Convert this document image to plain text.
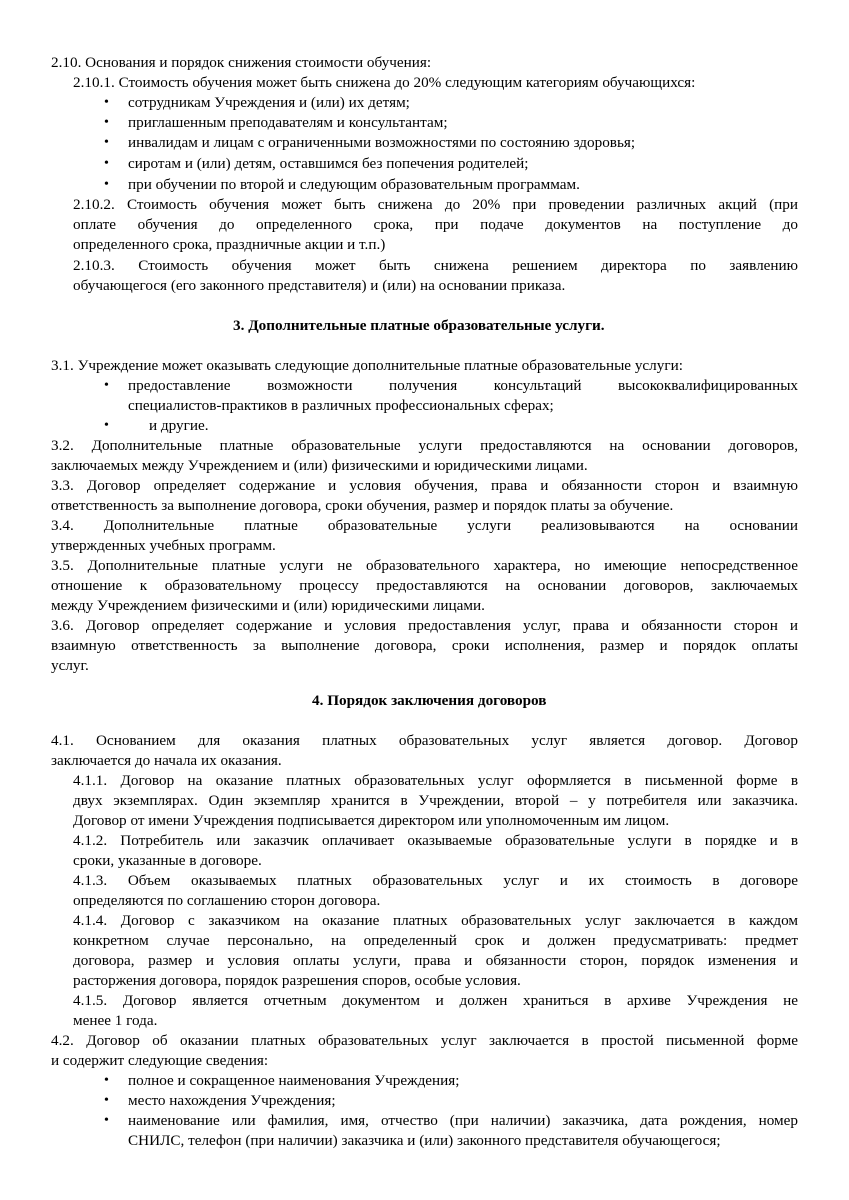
2.10. Основания и порядок снижения стоимости обучения:
2.10.1. Стоимость обучения может быть снижена до 20% следующим категориям обучающихся:
• сотрудникам Учреждения и (или) их детям;
• приглашенным преподавателям и консультантам;
• инвалидам и лицам с ограниченными возможностями по состоянию здоровья;
• сиротам и (или) детям, оставшимся без попечения родителей;
• при обучении по второй и следующим образовательным программам.
2.10.2. Стоимость обучения может быть снижена до 20% при проведении различных акций (при
оплате обучения до определенного срока, при подаче документов на поступление до
определенного срока, праздничные акции и т.п.)
2.10.3. Стоимость обучения может быть снижена решением директора по заявлению
обучающегося (его законного представителя) и (или) на основании приказа.
3. Дополнительные платные образовательные услуги.
3.1. Учреждение может оказывать следующие дополнительные платные образовательные услуги:
• предоставление возможности получения консультаций высококвалифицированных
специалистов-практиков в различных профессиональных сферах;
•	и другие.
3.2. Дополнительные платные образовательные услуги предоставляются на основании договоров,
заключаемых между Учреждением и (или) физическими и юридическими лицами.
3.3. Договор определяет содержание и условия обучения, права и обязанности сторон и взаимную
ответственность за выполнение договора, сроки обучения, размер и порядок платы за обучение.
3.4. Дополнительные платные образовательные услуги реализовываются на основании
утвержденных учебных программ.
3.5. Дополнительные платные услуги не образовательного характера, но имеющие непосредственное
отношение к образовательному процессу предоставляются на основании договоров, заключаемых
между Учреждением физическими и (или) юридическими лицами.
3.6. Договор определяет содержание и условия предоставления услуг, права и обязанности сторон и
взаимную ответственность за выполнение договора, сроки исполнения, размер и порядок оплаты
услуг.
4. Порядок заключения договоров
4.1. Основанием для оказания платных образовательных услуг является договор. Договор
заключается до начала их оказания.
4.1.1. Договор на оказание платных образовательных услуг оформляется в письменной форме в
двух экземплярах. Один экземпляр хранится в Учреждении, второй – у потребителя или заказчика.
Договор от имени Учреждения подписывается директором или уполномоченным им лицом.
4.1.2. Потребитель или заказчик оплачивает оказываемые образовательные услуги в порядке и в
сроки, указанные в договоре.
4.1.3. Объем оказываемых платных образовательных услуг и их стоимость в договоре
определяются по соглашению сторон договора.
4.1.4. Договор с заказчиком на оказание платных образовательных услуг заключается в каждом
конкретном случае персонально, на определенный срок и должен предусматривать: предмет
договора, размер и условия оплаты услуги, права и обязанности сторон, порядок изменения и
расторжения договора, порядок разрешения споров, особые условия.
4.1.5. Договор является отчетным документом и должен храниться в архиве Учреждения не
менее 1 года.
4.2. Договор об оказании платных образовательных услуг заключается в простой письменной форме
и содержит следующие сведения:
• полное и сокращенное наименования Учреждения;
• место нахождения Учреждения;
• наименование или фамилия, имя, отчество (при наличии) заказчика, дата рождения, номер
СНИЛС, телефон (при наличии) заказчика и (или) законного представителя обучающегося;
